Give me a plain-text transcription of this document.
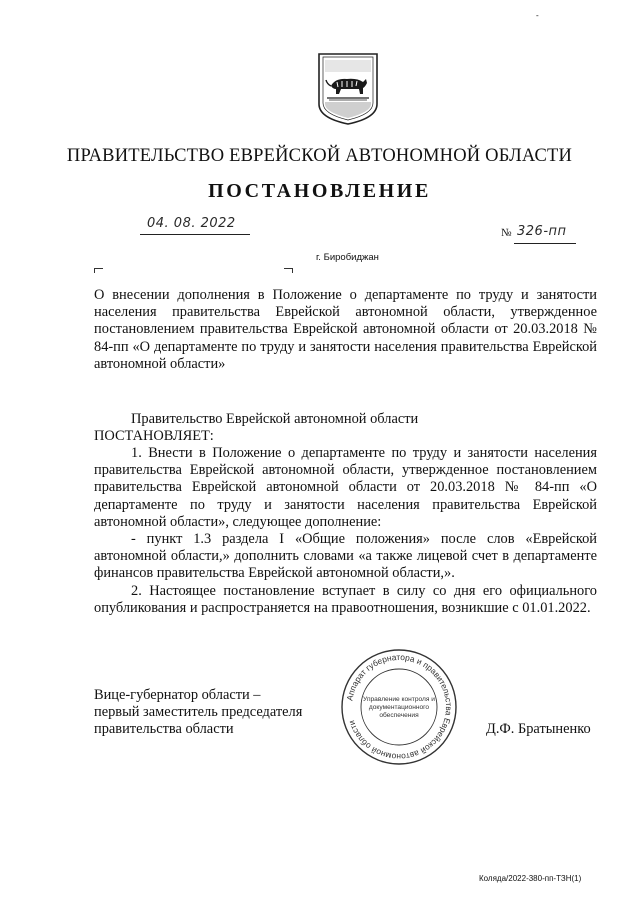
-
ПРАВИТЕЛЬСТВО ЕВРЕЙСКОЙ АВТОНОМНОЙ ОБЛАСТИ
ПОСТАНОВЛЕНИЕ
04. 08. 2022
№ 326-пп
г. Биробиджан
О внесении дополнения в Положение о департаменте по труду и занятости населения правительства Еврейской автономной области, утвержденное постановлением правительства Еврейской автономной области от 20.03.2018 № 84-пп «О департаменте по труду и занятости населения правительства Еврейской автономной области»
Правительство Еврейской автономной области
ПОСТАНОВЛЯЕТ:

1. Внести в Положение о департаменте по труду и занятости населения правительства Еврейской автономной области, утвержденное постановлением правительства Еврейской автономной области от 20.03.2018 № 84-пп «О департаменте по труду и занятости населения правительства Еврейской автономной области», следующее дополнение:

- пункт 1.3 раздела I «Общие положения» после слов «Еврейской автономной области,» дополнить словами «а также лицевой счет в департаменте финансов правительства Еврейской автономной области,».

2. Настоящее постановление вступает в силу со дня его официального опубликования и распространяется на правоотношения, возникшие с 01.01.2022.

Вице-губернатор области –
первый заместитель председателя
правительства области
Аппарат губернатора и правительства Еврейской автономной области
Управление контроля и
документационного
обеспечения
Д.Ф. Братыненко
Коляда/2022-380-пп-ТЗН(1)
